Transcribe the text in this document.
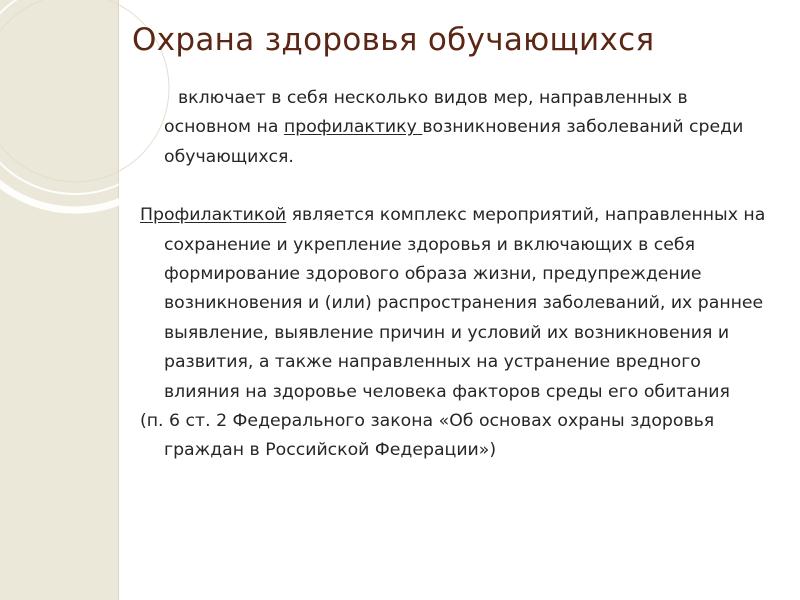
Охрана здоровья обучающихся

включает в себя несколько видов мер, направленных в основном на профилактику возникновения заболеваний среди обучающихся.

Профилактикой является комплекс мероприятий, направленных на сохранение и укрепление здоровья и включающих в себя формирование здорового образа жизни, предупреждение возникновения и (или) распространения заболеваний, их раннее выявление, выявление причин и условий их возникновения и развития, а также направленных на устранение вредного влияния на здоровье человека факторов среды его обитания

(п. 6 ст. 2 Федерального закона «Об основах охраны здоровья граждан в Российской Федерации»)
